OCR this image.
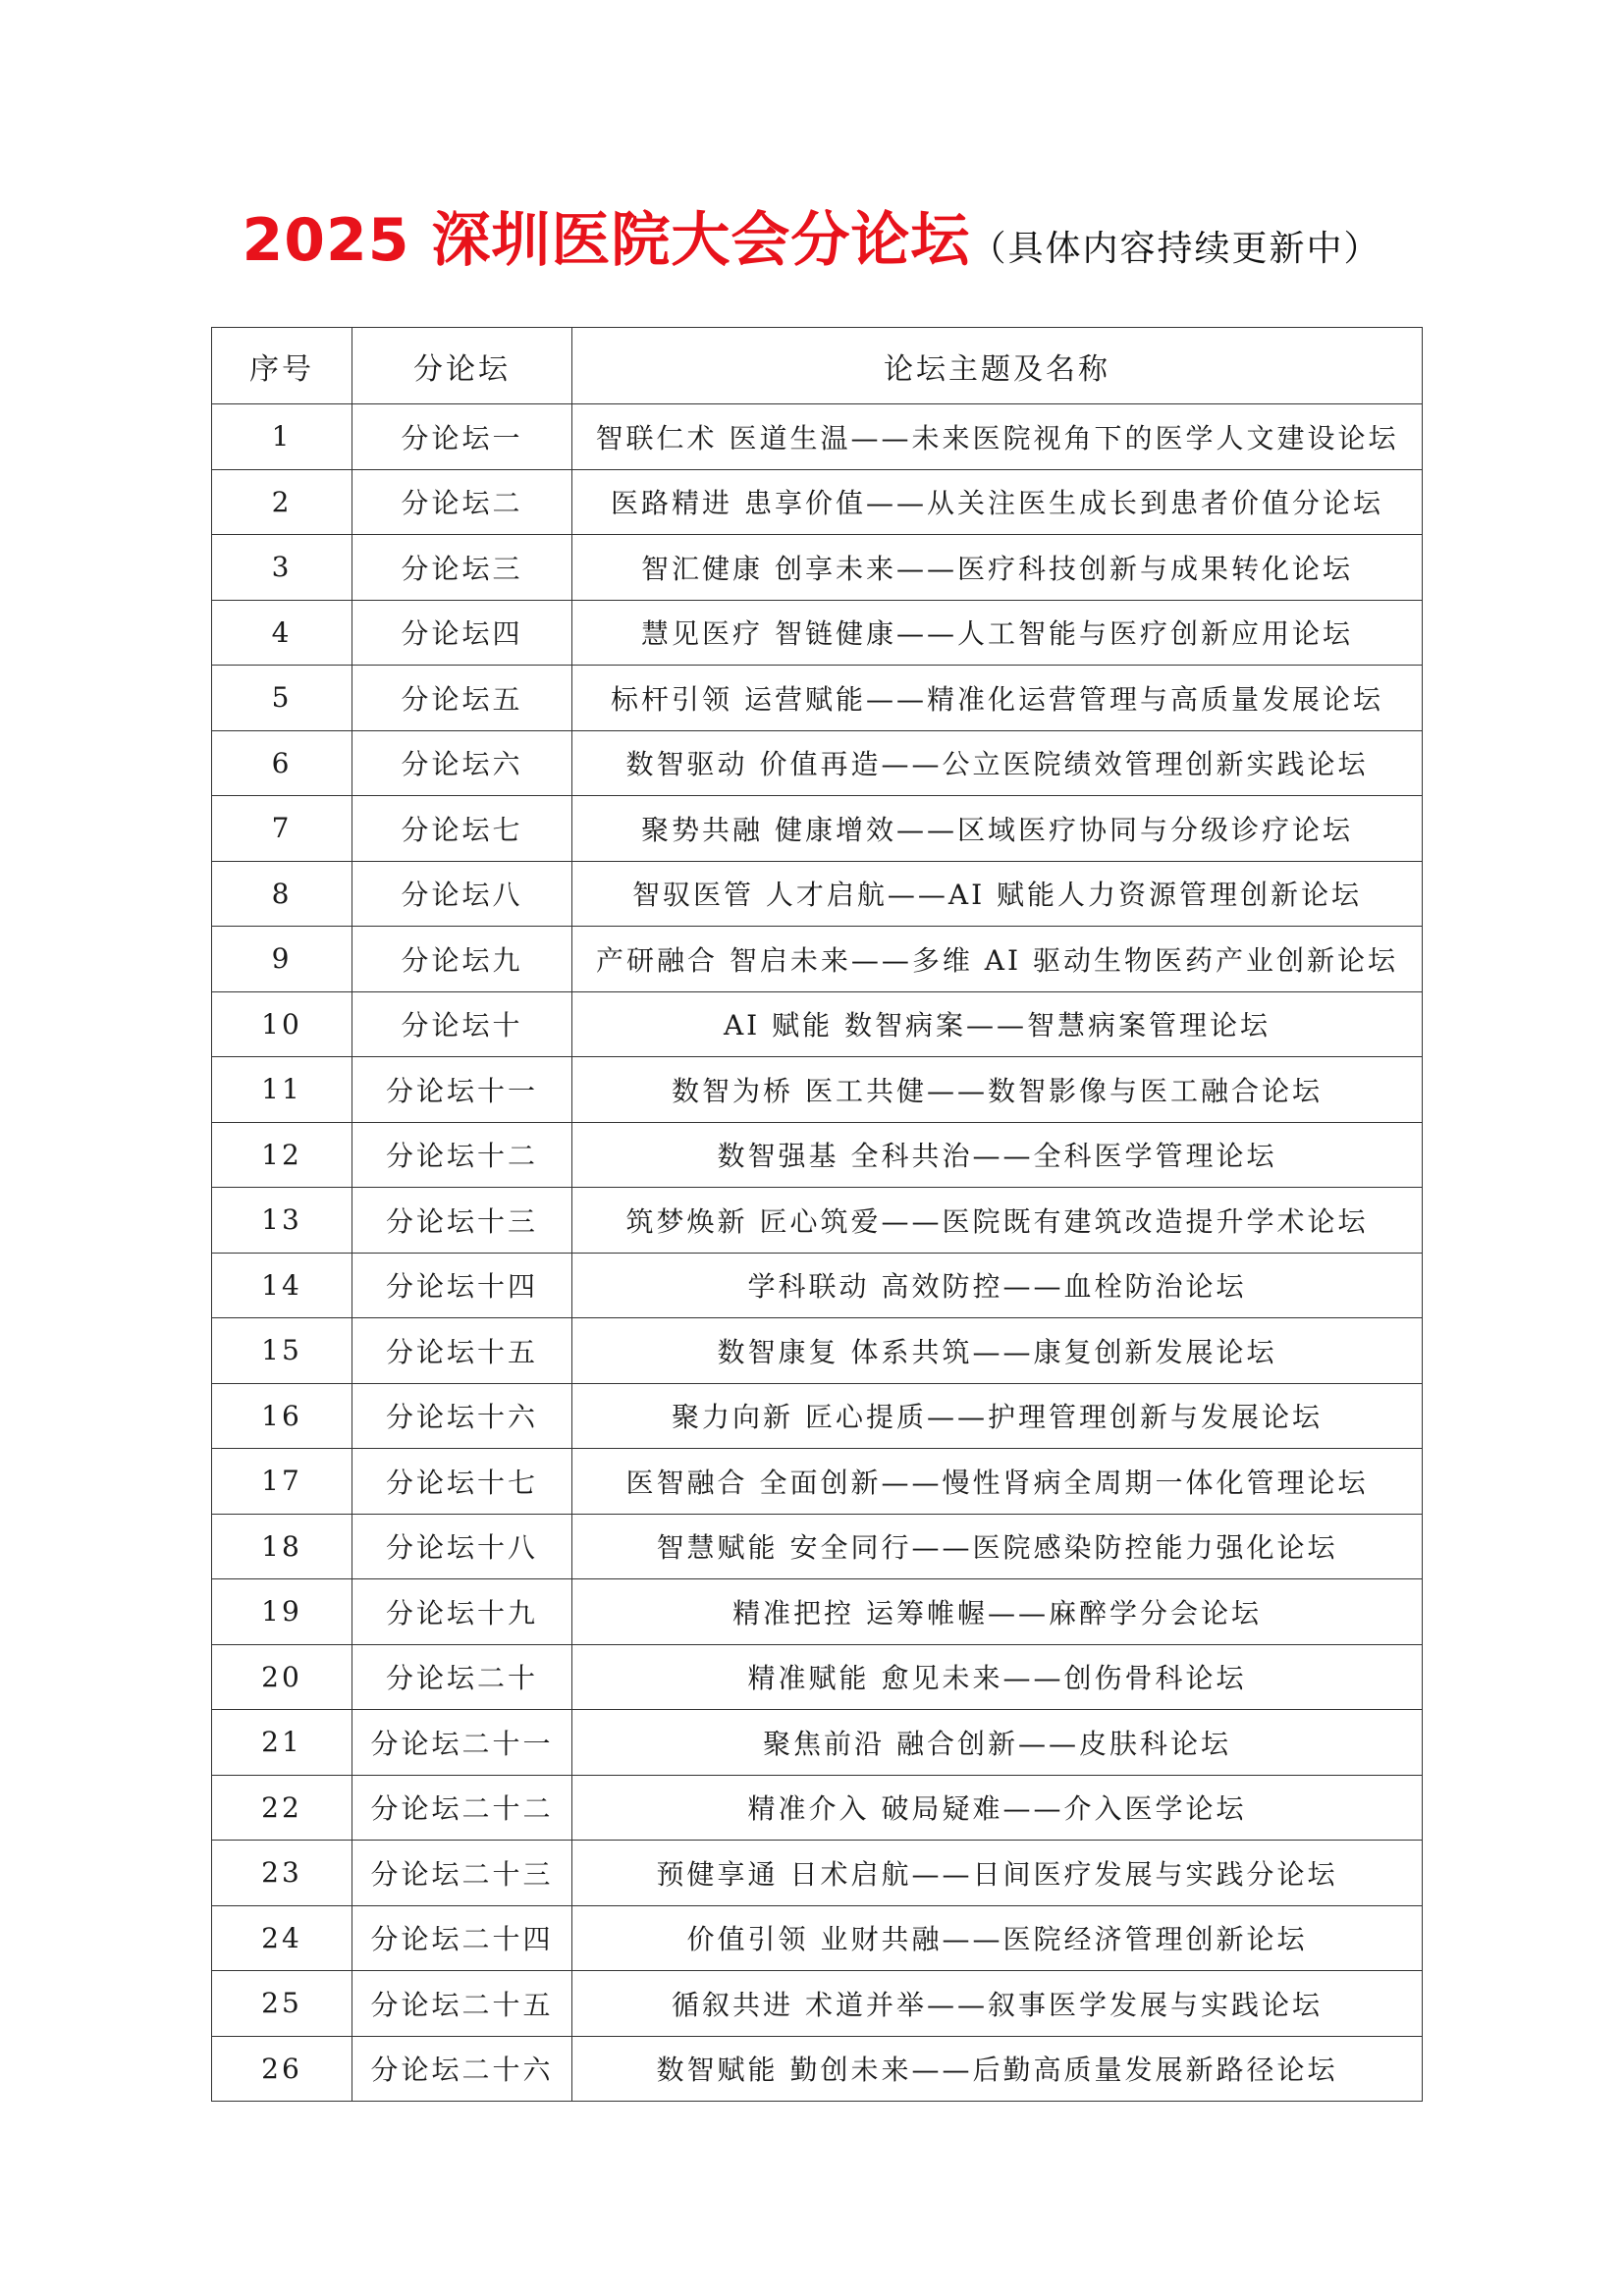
2025 深圳医院大会分论坛（具体内容持续更新中）
序号	分论坛	论坛主题及名称
1	分论坛一	智联仁术 医道生温——未来医院视角下的医学人文建设论坛
2	分论坛二	医路精进 患享价值——从关注医生成长到患者价值分论坛
3	分论坛三	智汇健康 创享未来——医疗科技创新与成果转化论坛
4	分论坛四	慧见医疗 智链健康——人工智能与医疗创新应用论坛
5	分论坛五	标杆引领 运营赋能——精准化运营管理与高质量发展论坛
6	分论坛六	数智驱动 价值再造——公立医院绩效管理创新实践论坛
7	分论坛七	聚势共融 健康增效——区域医疗协同与分级诊疗论坛
8	分论坛八	智驭医管 人才启航——AI 赋能人力资源管理创新论坛
9	分论坛九	产研融合 智启未来——多维 AI 驱动生物医药产业创新论坛
10	分论坛十	AI 赋能 数智病案——智慧病案管理论坛
11	分论坛十一	数智为桥 医工共健——数智影像与医工融合论坛
12	分论坛十二	数智强基 全科共治——全科医学管理论坛
13	分论坛十三	筑梦焕新 匠心筑爱——医院既有建筑改造提升学术论坛
14	分论坛十四	学科联动 高效防控——血栓防治论坛
15	分论坛十五	数智康复 体系共筑——康复创新发展论坛
16	分论坛十六	聚力向新 匠心提质——护理管理创新与发展论坛
17	分论坛十七	医智融合 全面创新——慢性肾病全周期一体化管理论坛
18	分论坛十八	智慧赋能 安全同行——医院感染防控能力强化论坛
19	分论坛十九	精准把控 运筹帷幄——麻醉学分会论坛
20	分论坛二十	精准赋能 愈见未来——创伤骨科论坛
21	分论坛二十一	聚焦前沿 融合创新——皮肤科论坛
22	分论坛二十二	精准介入 破局疑难——介入医学论坛
23	分论坛二十三	预健享通 日术启航——日间医疗发展与实践分论坛
24	分论坛二十四	价值引领 业财共融——医院经济管理创新论坛
25	分论坛二十五	循叙共进 术道并举——叙事医学发展与实践论坛
26	分论坛二十六	数智赋能 勤创未来——后勤高质量发展新路径论坛
